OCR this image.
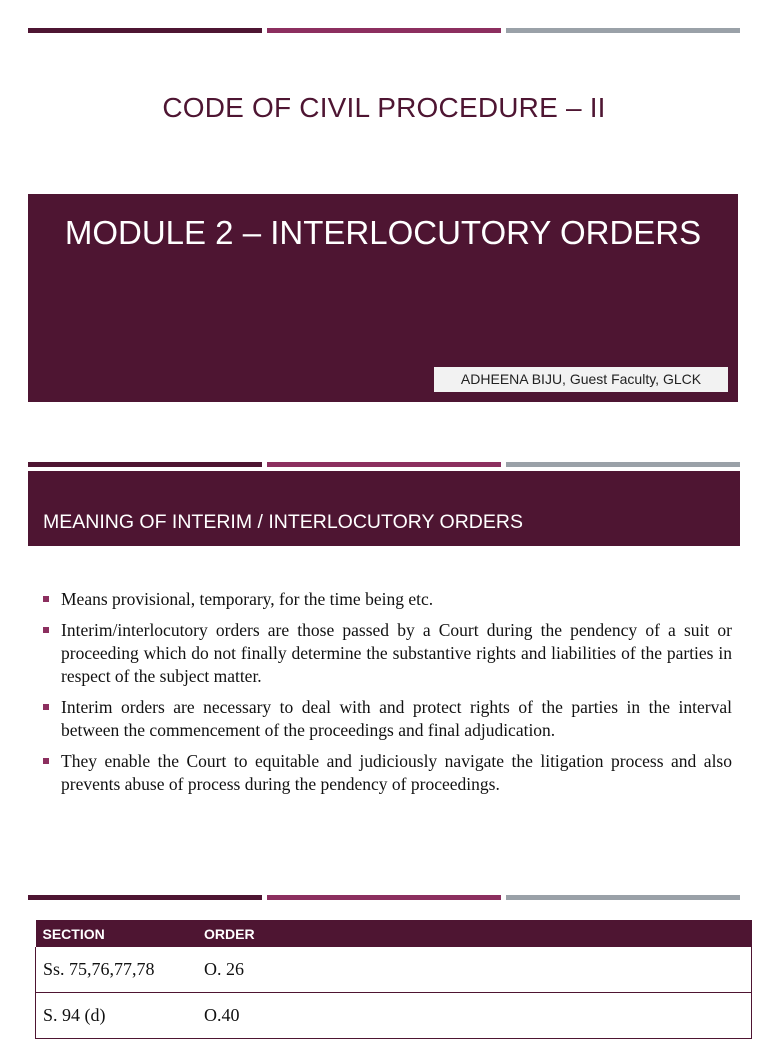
CODE OF CIVIL PROCEDURE – II
MODULE 2 – INTERLOCUTORY ORDERS
ADHEENA BIJU, Guest Faculty, GLCK
MEANING OF INTERIM / INTERLOCUTORY ORDERS
Means provisional, temporary, for the time being etc.
Interim/interlocutory orders are those passed by a Court during the pendency of a suit or proceeding which do not finally determine the substantive rights and liabilities of the parties in respect of the subject matter.
Interim orders are necessary to deal with and protect rights of the parties in the interval between the commencement of the proceedings and final adjudication.
They enable the Court to equitable and judiciously navigate the litigation process and also prevents abuse of process during the pendency of proceedings.
SECTION	ORDER
Ss. 75,76,77,78	O. 26
S. 94 (d)	O.40
